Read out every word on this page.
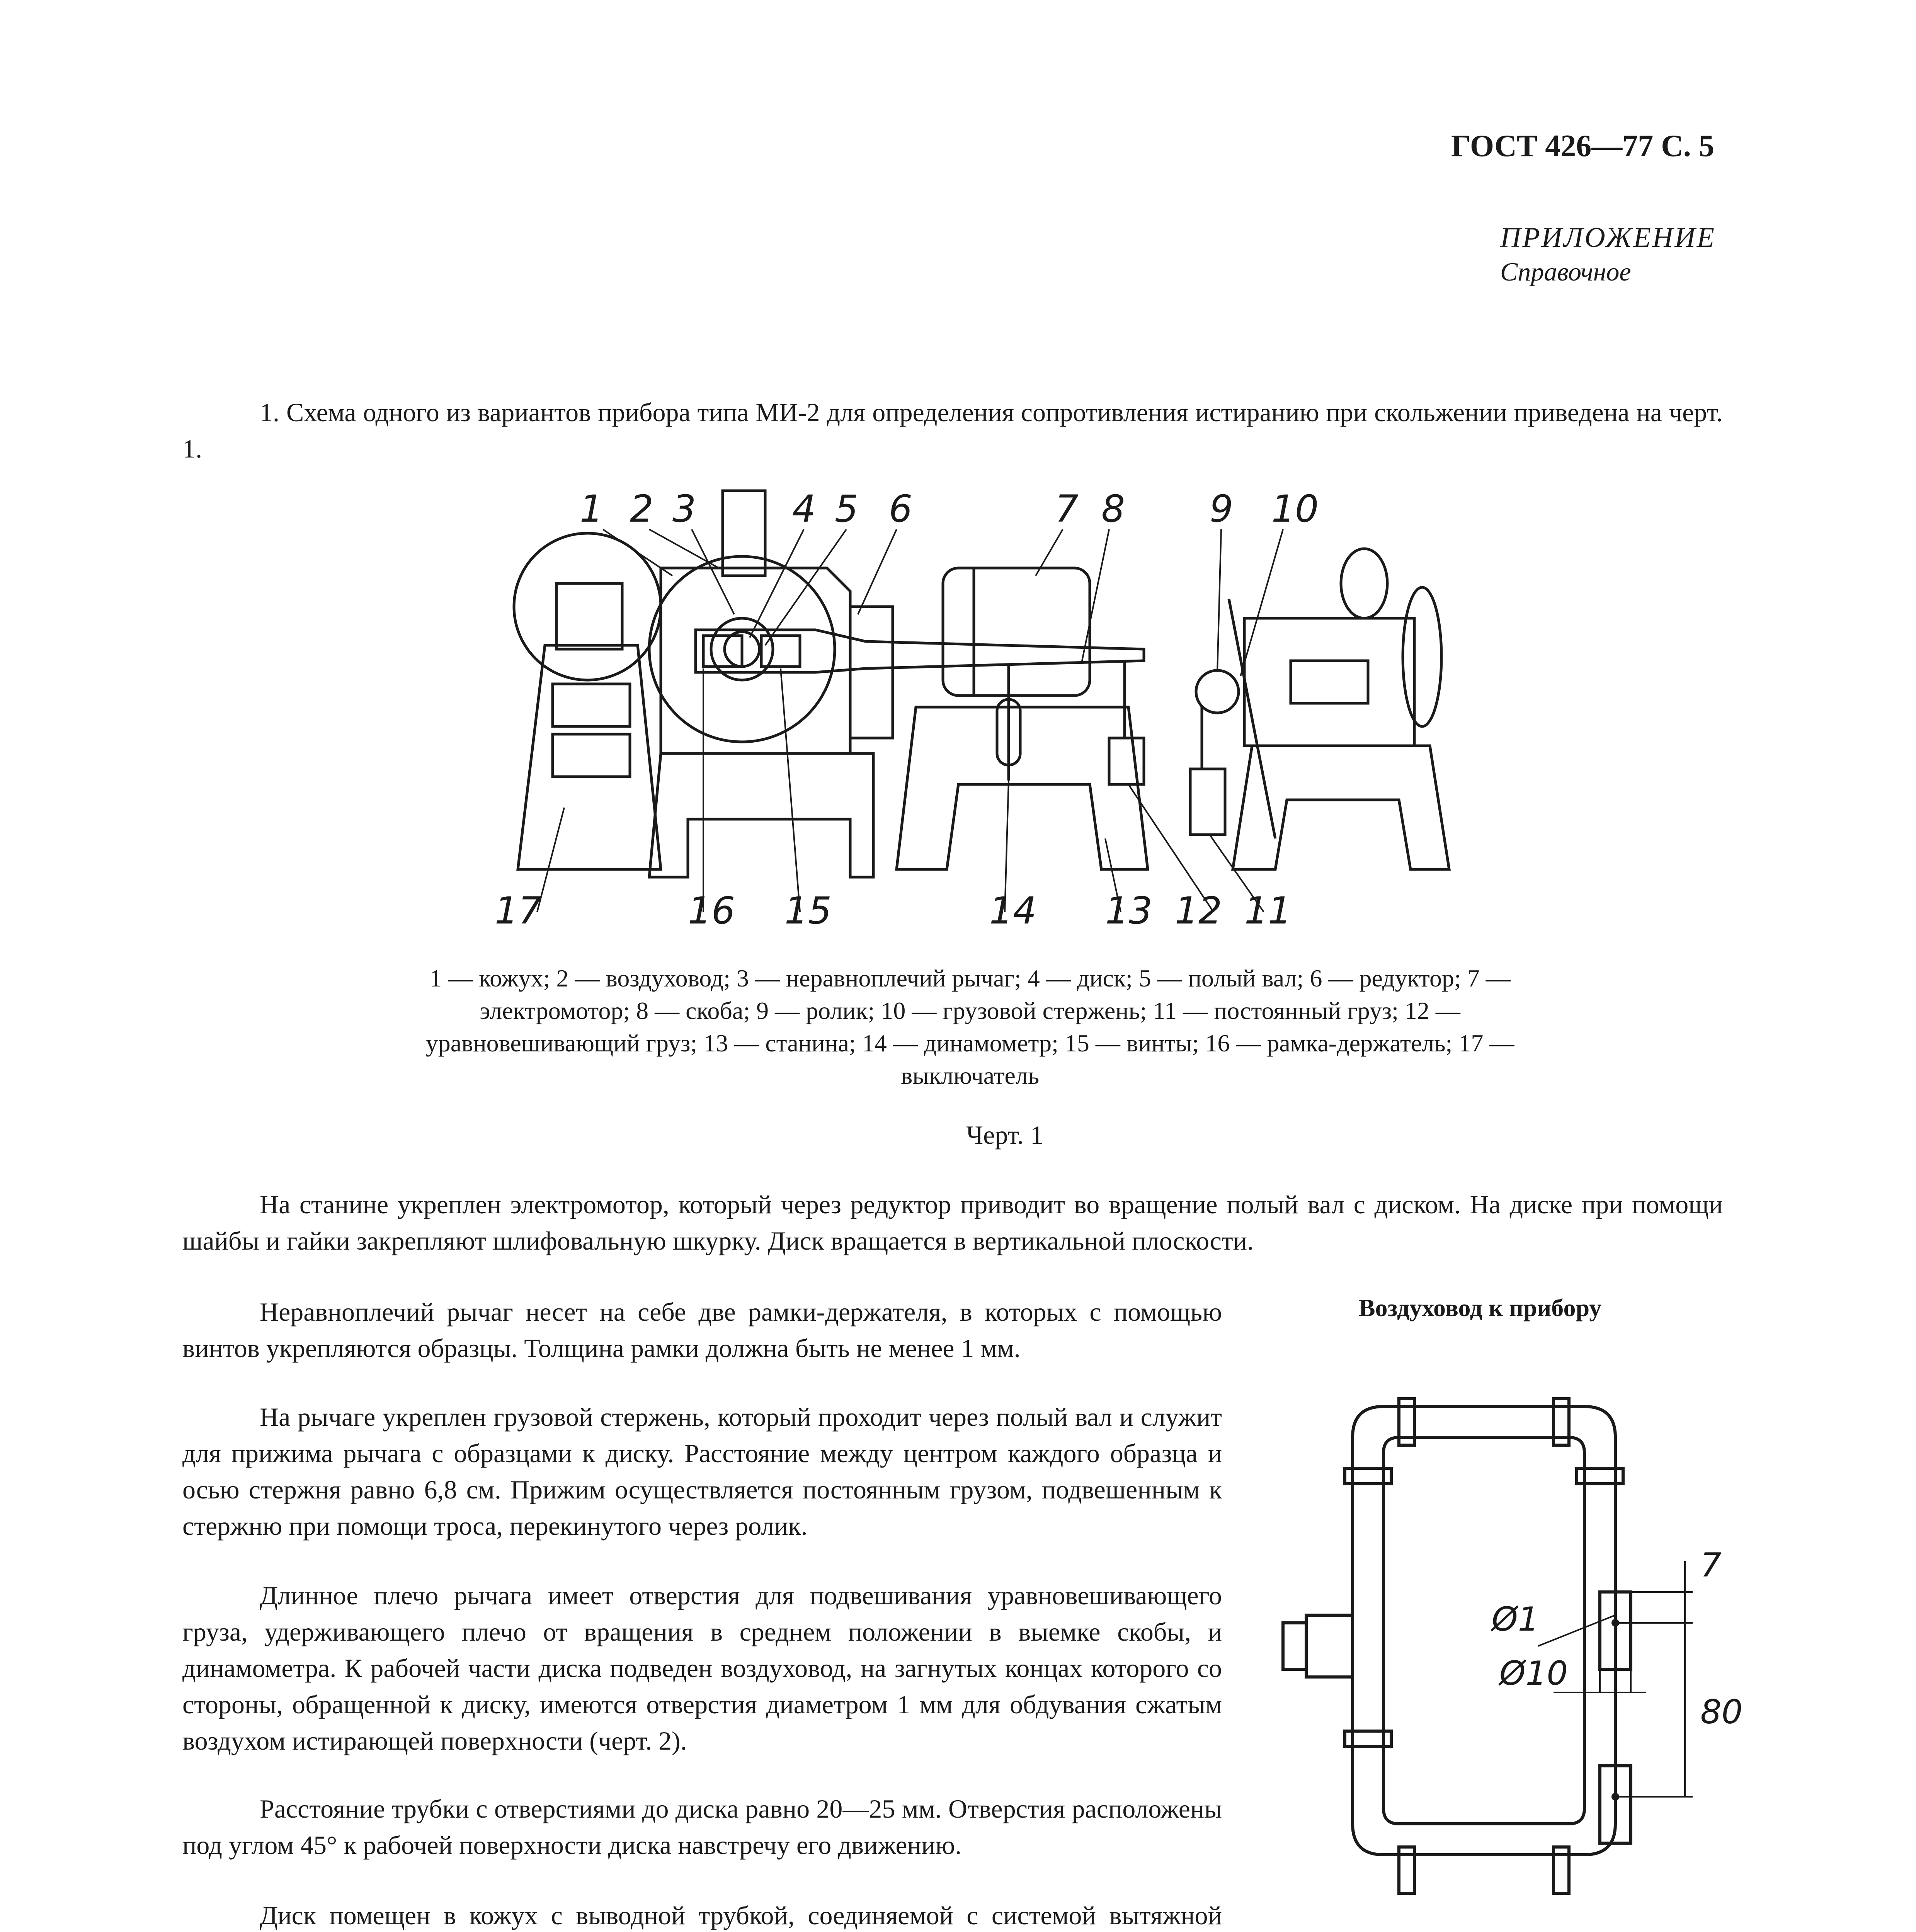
ГОСТ 426—77 С. 5
ПРИЛОЖЕНИЕ
Справочное
1. Схема одного из вариантов прибора типа МИ-2 для определения сопротивления истиранию при скольжении приведена на черт. 1.
1 2 3	4 5 6	7 8 9 10
17	16 15	14 13 12 11
1 — кожух; 2 — воздуховод; 3 — неравноплечий рычаг; 4 — диск; 5 — полый вал; 6 — редуктор; 7 — электромотор; 8 — скоба; 9 — ролик; 10 — грузовой стержень; 11 — постоянный груз; 12 — уравновешивающий груз; 13 — станина; 14 — динамометр; 15 — винты; 16 — рамка-держатель; 17 — выключатель
Черт. 1
На станине укреплен электромотор, который через редуктор приводит во вращение полый вал с диском. На диске при помощи шайбы и гайки закрепляют шлифовальную шкурку. Диск вращается в вертикальной плоскости.
Неравноплечий рычаг несет на себе две рамки-держателя, в которых с помощью винтов укрепляются образцы. Толщина рамки должна быть не менее 1 мм.
На рычаге укреплен грузовой стержень, который проходит через полый вал и служит для прижима рычага с образцами к диску. Расстояние между центром каждого образца и осью стержня равно 6,8 см. Прижим осуществляется постоянным грузом, подвешенным к стержню при помощи троса, перекинутого через ролик.
Длинное плечо рычага имеет отверстия для подвешивания уравновешивающего груза, удерживающего плечо от вращения в среднем положении в выемке скобы, и динамометра. К рабочей части диска подведен воздуховод, на загнутых концах которого со стороны, обращенной к диску, имеются отверстия диаметром 1 мм для обдувания сжатым воздухом истирающей поверхности (черт. 2).
Расстояние трубки с отверстиями до диска равно 20—25 мм. Отверстия расположены под углом 45° к рабочей поверхности диска навстречу его движению.
Диск помещен в кожух с выводной трубкой, соединяемой с системой вытяжной
Воздуховод к прибору
Ø1
Ø10
7
80
